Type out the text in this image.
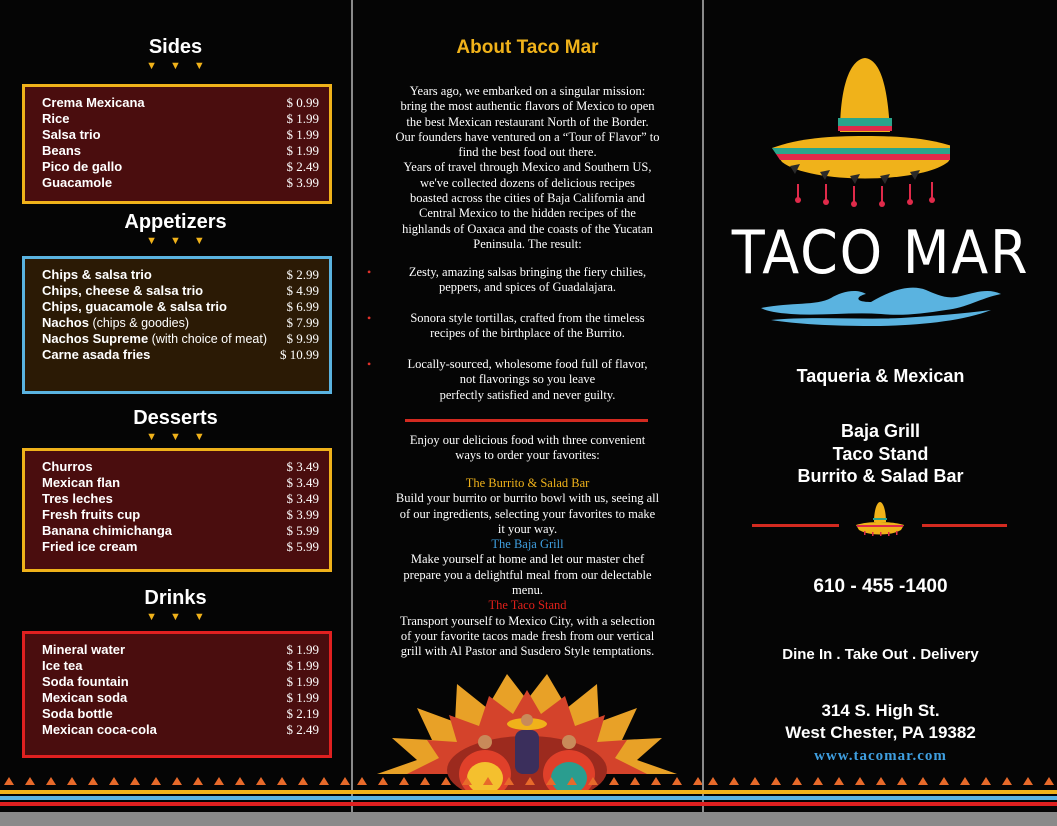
Sides
▼▼▼
Crema Mexicana	$ 0.99
Rice	$ 1.99
Salsa trio	$ 1.99
Beans	$ 1.99
Pico de gallo	$ 2.49
Guacamole	$ 3.99
Appetizers
▼▼▼
Chips & salsa trio	$ 2.99
Chips, cheese & salsa trio	$ 4.99
Chips, guacamole & salsa trio	$ 6.99
Nachos (chips & goodies)	$ 7.99
Nachos Supreme (with choice of meat) $ 9.99
Carne asada fries	$ 10.99
Desserts
▼▼▼
Churros	$ 3.49
Mexican flan	$ 3.49
Tres leches	$ 3.49
Fresh fruits cup	$ 3.99
Banana chimichanga	$ 5.99
Fried ice cream	$ 5.99
Drinks
▼▼▼
Mineral water	$ 1.99
Ice tea	$ 1.99
Soda fountain	$ 1.99
Mexican soda	$ 1.99
Soda bottle	$ 2.19
Mexican coca-cola	$ 2.49
About Taco Mar
Years ago, we embarked on a singular mission:
bring the most authentic flavors of Mexico to open
the best Mexican restaurant North of the Border.
Our founders have ventured on a “Tour of Flavor” to
find the best food out there.
Years of travel through Mexico and Southern US,
we've collected dozens of delicious recipes
boasted across the cities of Baja California and
Central Mexico to the hidden recipes of the
highlands of Oaxaca and the coasts of the Yucatan
Peninsula. The result:
•	Zesty, amazing salsas bringing the fiery chilies,
peppers, and spices of Guadalajara.
•	Sonora style tortillas, crafted from the timeless
recipes of the birthplace of the Burrito.
•	Locally-sourced, wholesome food full of flavor,
not flavorings so you leave
perfectly satisfied and never guilty.
Enjoy our delicious food with three convenient
ways to order your favorites:
The Burrito & Salad Bar
Build your burrito or burrito bowl with us, seeing all
of our ingredients, selecting your favorites to make
it your way.
The Baja Grill
Make yourself at home and let our master chef
prepare you a delightful meal from our delectable
menu.
The Taco Stand
Transport yourself to Mexico City, with a selection
of your favorite tacos made fresh from our vertical
grill with Al Pastor and Susdero Style temptations.
TACO MAR
Taqueria & Mexican
Baja Grill
Taco Stand
Burrito & Salad Bar
610 - 455 -1400
Dine In . Take Out . Delivery
314 S. High St.
West Chester, PA 19382
www.tacomar.com
